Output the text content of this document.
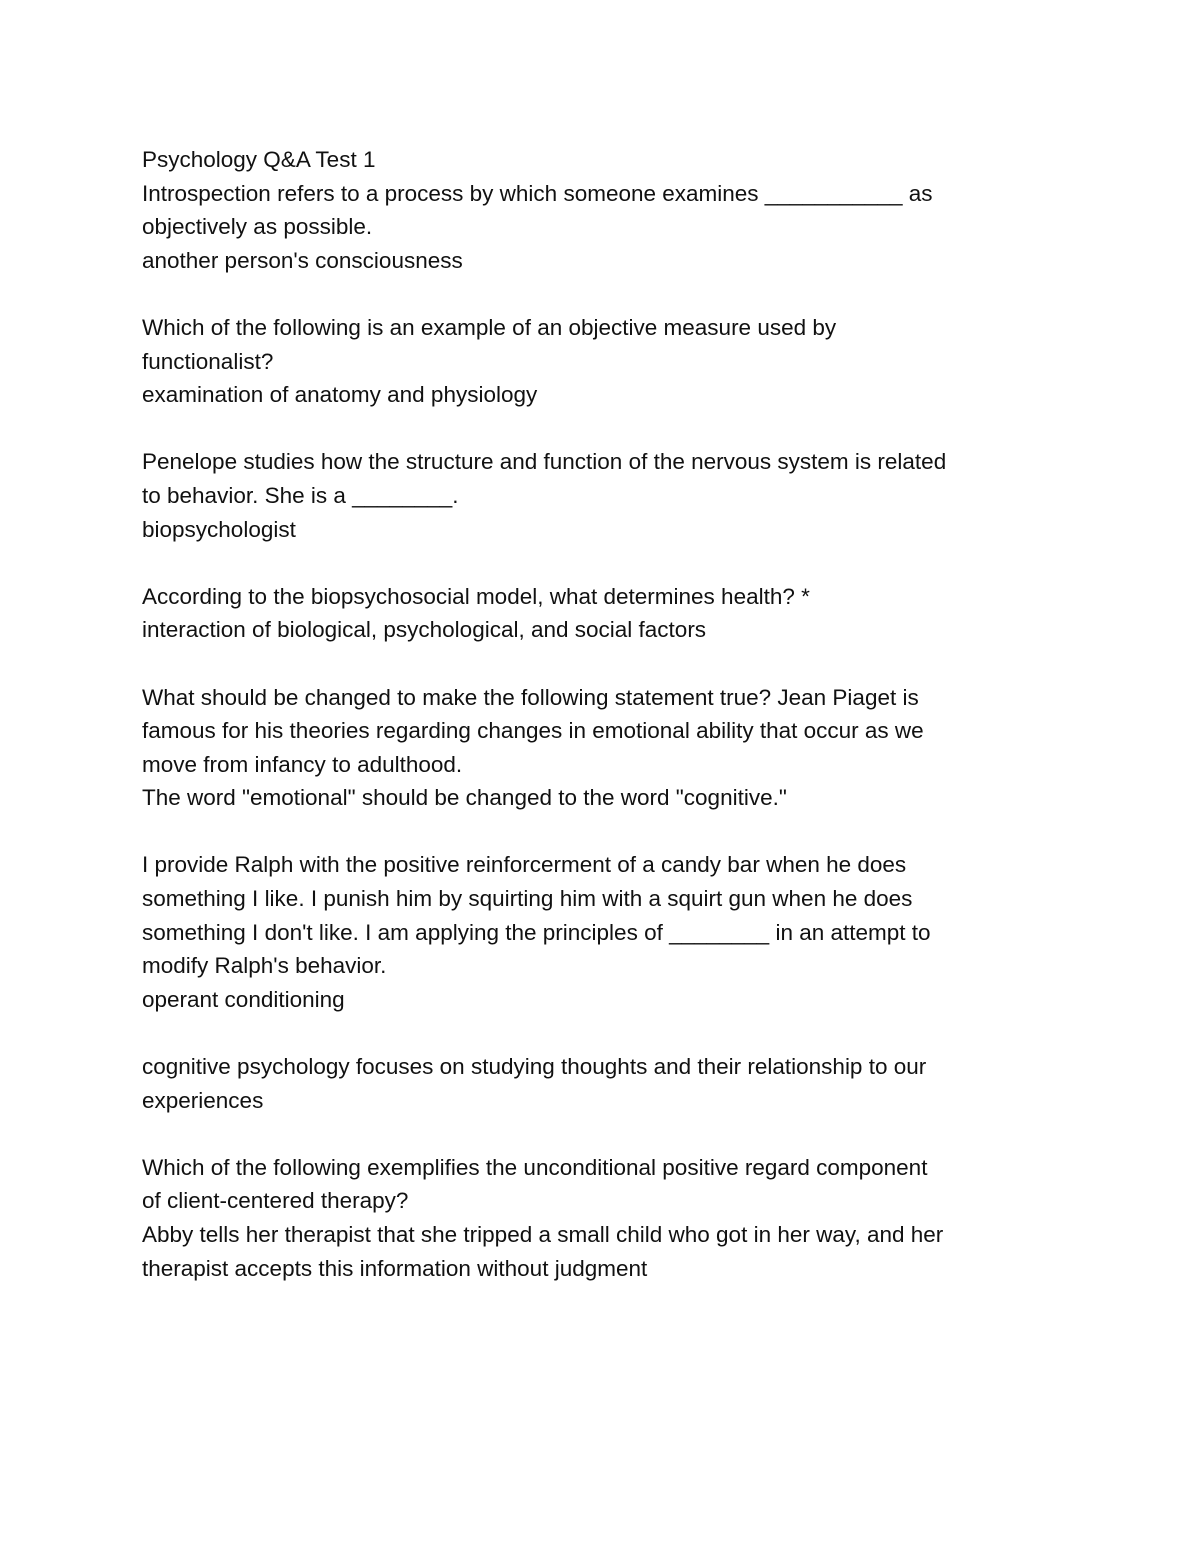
Psychology Q&A Test 1
Introspection refers to a process by which someone examines ___________ as
objectively as possible.
another person's consciousness
Which of the following is an example of an objective measure used by
functionalist?
examination of anatomy and physiology
Penelope studies how the structure and function of the nervous system is related
to behavior. She is a ________.
biopsychologist
According to the biopsychosocial model, what determines health? *
interaction of biological, psychological, and social factors
What should be changed to make the following statement true? Jean Piaget is
famous for his theories regarding changes in emotional ability that occur as we
move from infancy to adulthood.
The word "emotional" should be changed to the word "cognitive."
I provide Ralph with the positive reinforcerment of a candy bar when he does
something I like. I punish him by squirting him with a squirt gun when he does
something I don't like. I am applying the principles of ________ in an attempt to
modify Ralph's behavior.
operant conditioning
cognitive psychology focuses on studying thoughts and their relationship to our
experiences
Which of the following exemplifies the unconditional positive regard component
of client-centered therapy?
Abby tells her therapist that she tripped a small child who got in her way, and her
therapist accepts this information without judgment
